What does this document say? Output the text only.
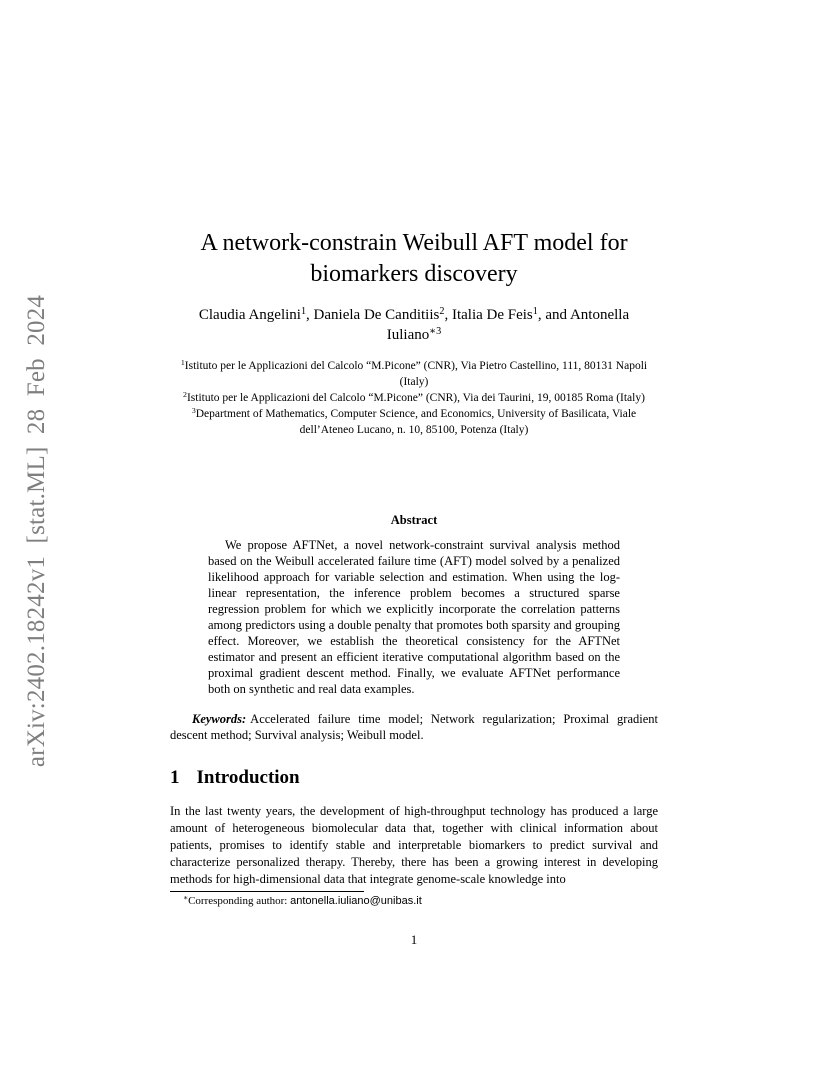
arXiv:2402.18242v1 [stat.ML] 28 Feb 2024
A network-constrain Weibull AFT model for
biomarkers discovery
Claudia Angelini$^1$, Daniela De Canditiis$^2$, Italia De Feis$^1$, and Antonella Iuliano$^{∗3}$

$^1$Istituto per le Applicazioni del Calcolo “M.Picone” (CNR), Via Pietro Castellino, 111, 80131 Napoli (Italy)

$^2$Istituto per le Applicazioni del Calcolo “M.Picone” (CNR), Via dei Taurini, 19, 00185 Roma (Italy)

$^3$Department of Mathematics, Computer Science, and Economics, University of Basilicata, Viale dell’Ateneo Lucano, n. 10, 85100, Potenza (Italy)

Abstract

We propose AFTNet, a novel network-constraint survival analysis method based on the Weibull accelerated failure time (AFT) model solved by a penalized likelihood approach for variable selection and estimation. When using the log-linear representation, the inference problem becomes a structured sparse regression problem for which we explicitly incorporate the correlation patterns among predictors using a double penalty that promotes both sparsity and grouping effect. Moreover, we establish the theoretical consistency for the AFTNet estimator and present an efficient iterative computational algorithm based on the proximal gradient descent method. Finally, we evaluate AFTNet performance both on synthetic and real data examples.

Keywords: Accelerated failure time model; Network regularization; Proximal gradient descent method; Survival analysis; Weibull model.

1 Introduction

In the last twenty years, the development of high-throughput technology has produced a large amount of heterogeneous biomolecular data that, together with clinical information about patients, promises to identify stable and interpretable biomarkers to predict survival and characterize personalized therapy. Thereby, there has been a growing interest in developing methods for high-dimensional data that integrate genome-scale knowledge into

∗Corresponding author: antonella.iuliano@unibas.it
1
